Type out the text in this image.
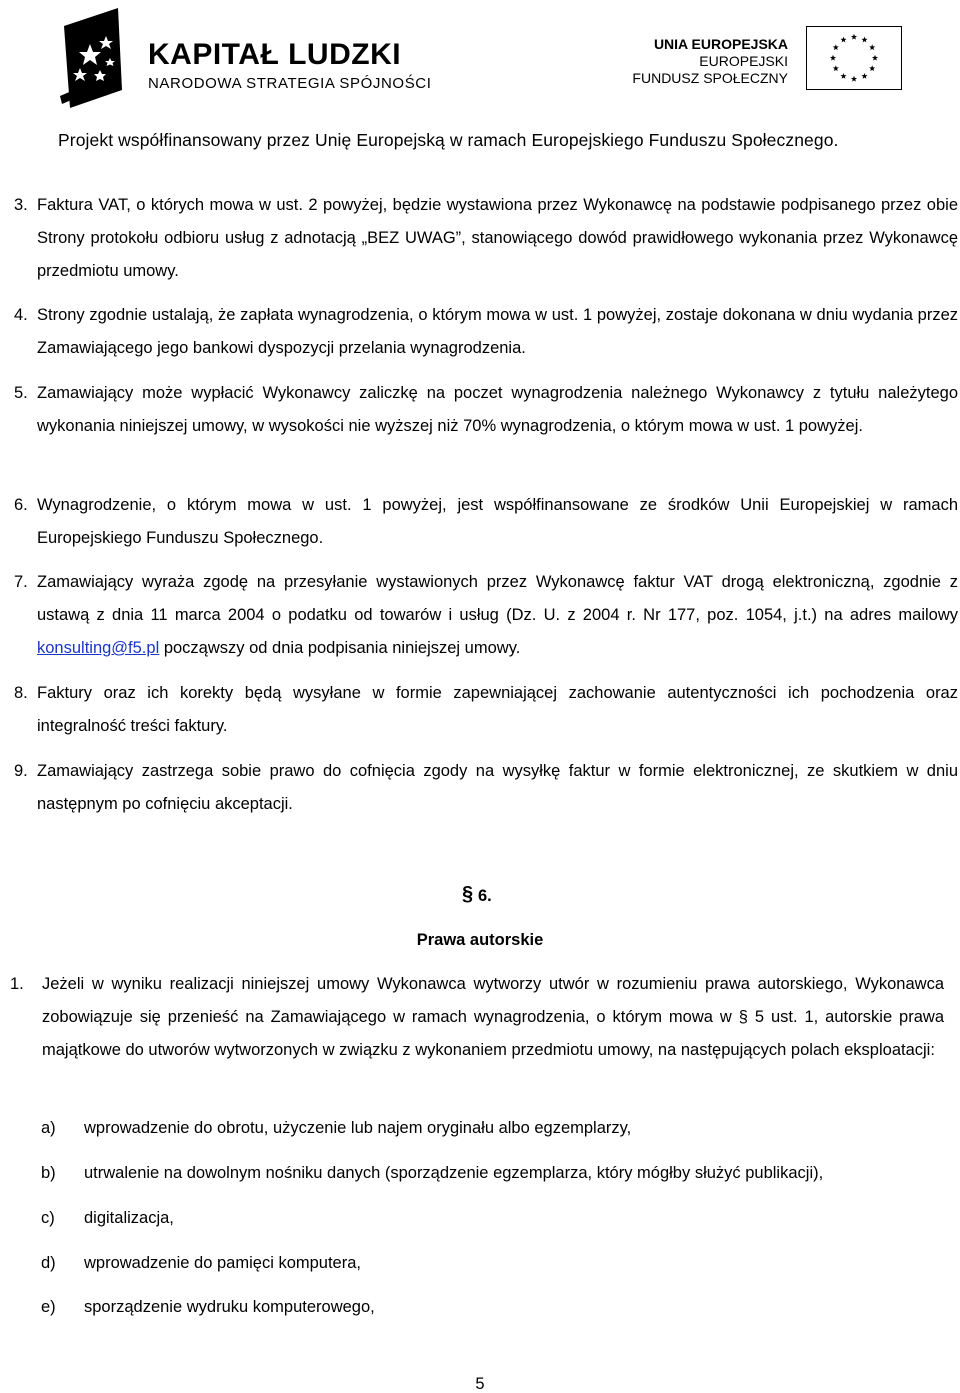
KAPITAŁ LUDZKI
NARODOWA STRATEGIA SPÓJNOŚCI
UNIA EUROPEJSKA
EUROPEJSKI
FUNDUSZ SPOŁECZNY
Projekt współfinansowany przez Unię Europejską w ramach Europejskiego Funduszu Społecznego.
3. Faktura VAT, o których mowa w ust. 2 powyżej, będzie wystawiona przez Wykonawcę na podstawie podpisanego przez obie Strony protokołu odbioru usług z adnotacją „BEZ UWAG”, stanowiącego dowód prawidłowego wykonania przez Wykonawcę przedmiotu umowy.
4. Strony zgodnie ustalają, że zapłata wynagrodzenia, o którym mowa w ust. 1 powyżej, zostaje dokonana w dniu wydania przez Zamawiającego jego bankowi dyspozycji przelania wynagrodzenia.
5. Zamawiający może wypłacić Wykonawcy zaliczkę na poczet wynagrodzenia należnego Wykonawcy z tytułu należytego wykonania niniejszej umowy, w wysokości nie wyższej niż 70% wynagrodzenia, o którym mowa w ust. 1 powyżej.
6. Wynagrodzenie, o którym mowa w ust. 1 powyżej, jest współfinansowane ze środków Unii Europejskiej w ramach Europejskiego Funduszu Społecznego.
7. Zamawiający wyraża zgodę na przesyłanie wystawionych przez Wykonawcę faktur VAT drogą elektroniczną, zgodnie z ustawą z dnia 11 marca 2004 o podatku od towarów i usług (Dz. U. z 2004 r. Nr 177, poz. 1054, j.t.) na adres mailowy konsulting@f5.pl począwszy od dnia podpisania niniejszej umowy.
8. Faktury oraz ich korekty będą wysyłane w formie zapewniającej zachowanie autentyczności ich pochodzenia oraz integralność treści faktury.
9. Zamawiający zastrzega sobie prawo do cofnięcia zgody na wysyłkę faktur w formie elektronicznej, ze skutkiem w dniu następnym po cofnięciu akceptacji.
§ 6.
Prawa autorskie
1. Jeżeli w wyniku realizacji niniejszej umowy Wykonawca wytworzy utwór w rozumieniu prawa autorskiego, Wykonawca zobowiązuje się przenieść na Zamawiającego w ramach wynagrodzenia, o którym mowa w § 5 ust. 1, autorskie prawa majątkowe do utworów wytworzonych w związku z wykonaniem przedmiotu umowy, na następujących polach eksploatacji:
a) wprowadzenie do obrotu, użyczenie lub najem oryginału albo egzemplarzy,
b) utrwalenie na dowolnym nośniku danych (sporządzenie egzemplarza, który mógłby służyć publikacji),
c) digitalizacja,
d) wprowadzenie do pamięci komputera,
e) sporządzenie wydruku komputerowego,
5
